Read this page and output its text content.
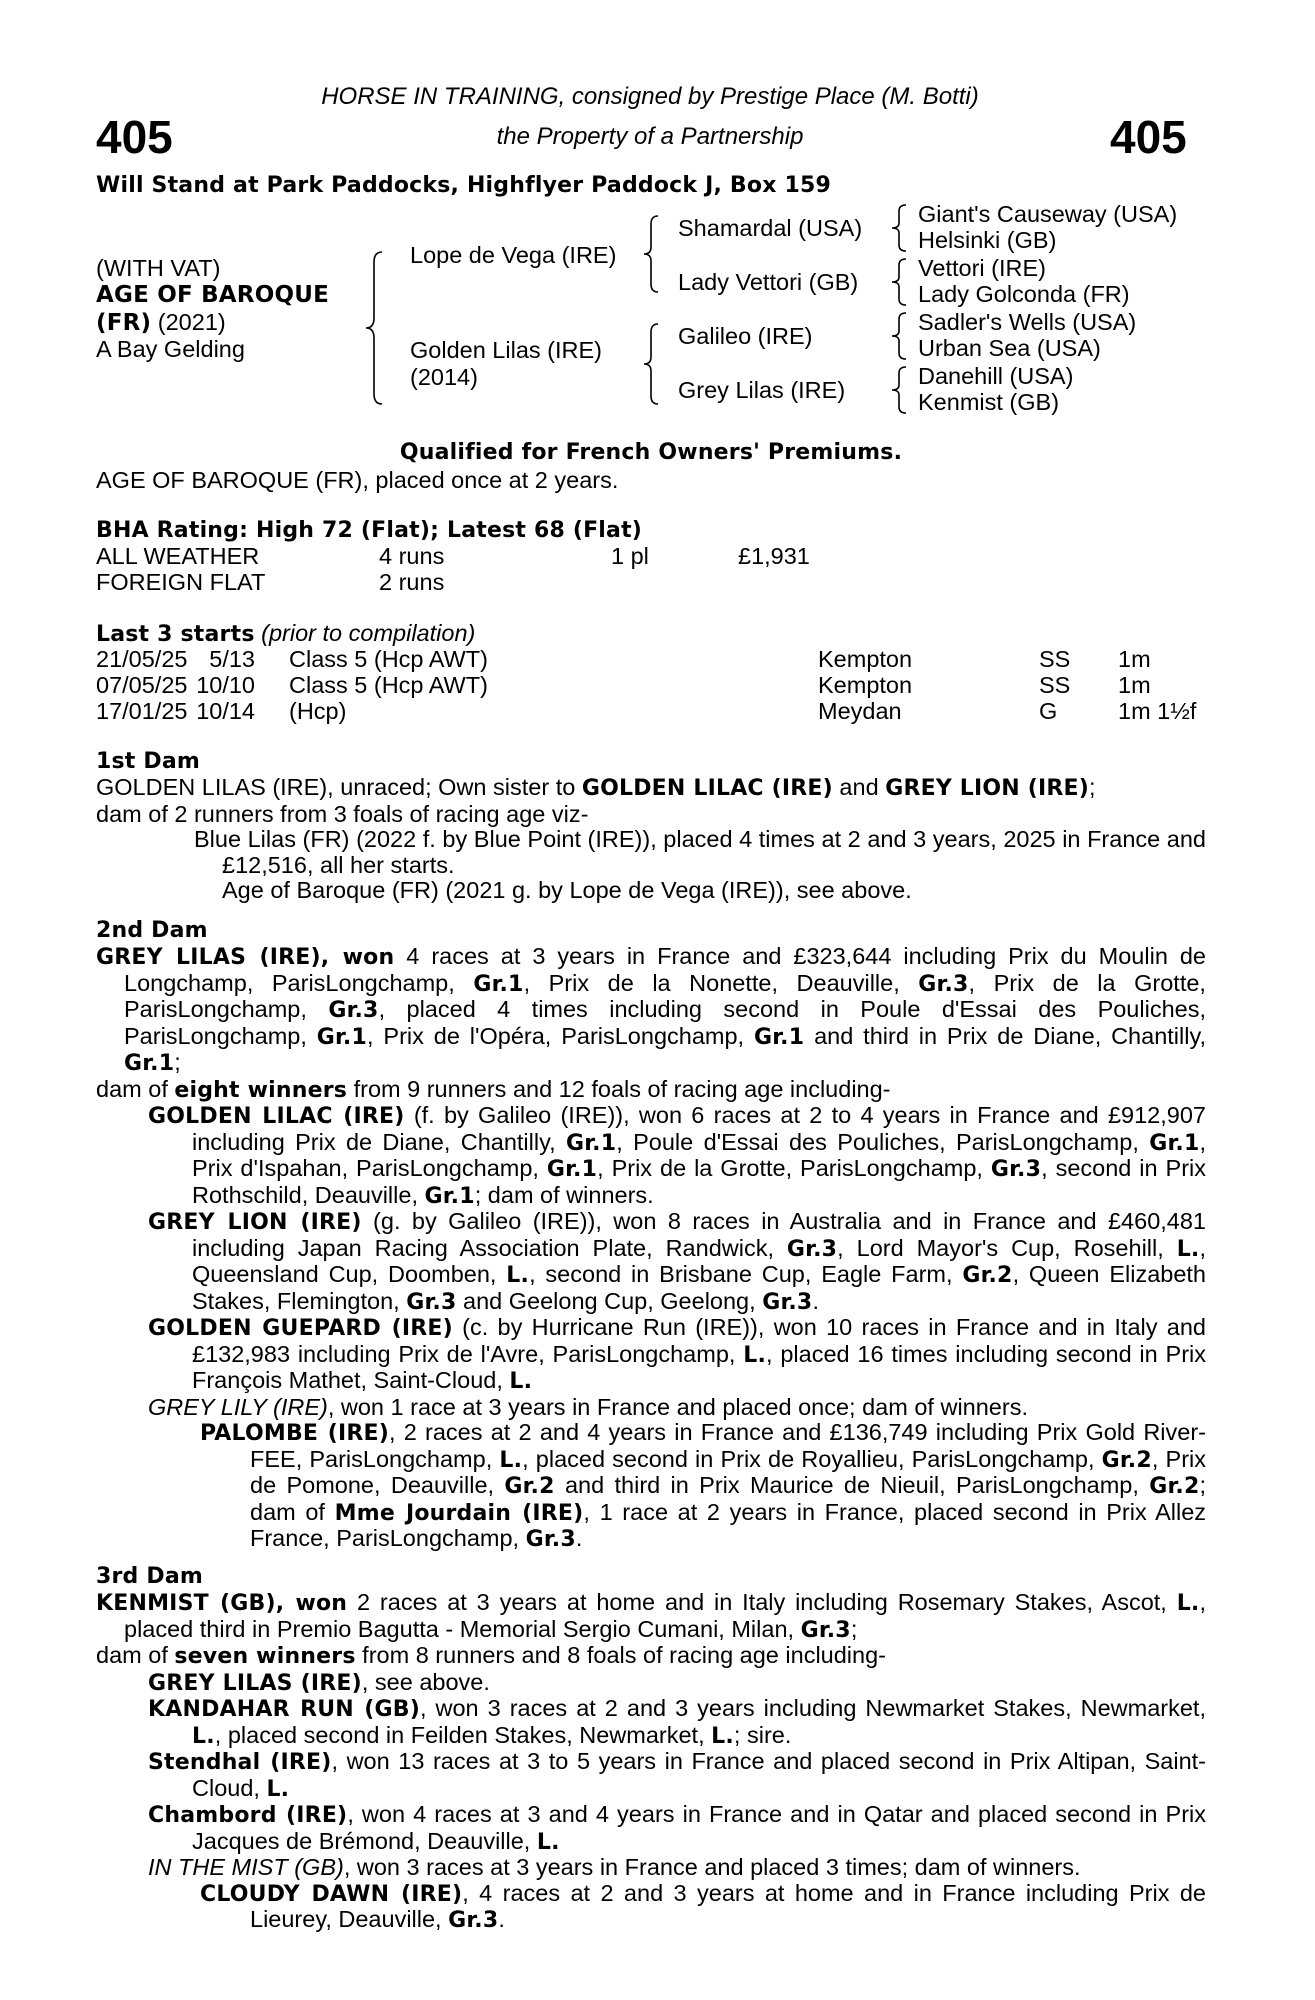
405	405
HORSE IN TRAINING, consigned by Prestige Place (M. Botti)
the Property of a Partnership
Will Stand at Park Paddocks, Highflyer Paddock J, Box 159
(WITH VAT)
AGE OF BAROQUE
(FR) (2021)
A Bay Gelding
Lope de Vega (IRE)
Golden Lilas (IRE)
(2014)
Shamardal (USA)
Lady Vettori (GB)
Galileo (IRE)
Grey Lilas (IRE)
Giant's Causeway (USA)
Helsinki (GB)
Vettori (IRE)
Lady Golconda (FR)
Sadler's Wells (USA)
Urban Sea (USA)
Danehill (USA)
Kenmist (GB)
Qualified for French Owners' Premiums.
AGE OF BAROQUE (FR), placed once at 2 years.
BHA Rating: High 72 (Flat); Latest 68 (Flat)
ALL WEATHER	4 runs	1 pl	£1,931
FOREIGN FLAT	2 runs
Last 3 starts (prior to compilation)
21/05/25 5/13 Class 5 (Hcp AWT)	Kempton	SS 1m
07/05/25 10/10 Class 5 (Hcp AWT)	Kempton	SS 1m
17/01/25 10/14 (Hcp)	Meydan	G	1m 1½f
1st Dam
GOLDEN LILAS (IRE), unraced; Own sister to GOLDEN LILAC (IRE) and GREY LION (IRE);
dam of 2 runners from 3 foals of racing age viz-
Blue Lilas (FR) (2022 f. by Blue Point (IRE)), placed 4 times at 2 and 3 years, 2025 in France and £12,516, all her starts.
Age of Baroque (FR) (2021 g. by Lope de Vega (IRE)), see above.
2nd Dam
GREY LILAS (IRE), won 4 races at 3 years in France and £323,644 including Prix du Moulin de Longchamp, ParisLongchamp, Gr.1, Prix de la Nonette, Deauville, Gr.3, Prix de la Grotte, ParisLongchamp, Gr.3, placed 4 times including second in Poule d'Essai des Pouliches, ParisLongchamp, Gr.1, Prix de l'Opéra, ParisLongchamp, Gr.1 and third in Prix de Diane, Chantilly, Gr.1;
dam of eight winners from 9 runners and 12 foals of racing age including-
GOLDEN LILAC (IRE) (f. by Galileo (IRE)), won 6 races at 2 to 4 years in France and £912,907 including Prix de Diane, Chantilly, Gr.1, Poule d'Essai des Pouliches, ParisLongchamp, Gr.1, Prix d'Ispahan, ParisLongchamp, Gr.1, Prix de la Grotte, ParisLongchamp, Gr.3, second in Prix Rothschild, Deauville, Gr.1; dam of winners.
GREY LION (IRE) (g. by Galileo (IRE)), won 8 races in Australia and in France and £460,481 including Japan Racing Association Plate, Randwick, Gr.3, Lord Mayor's Cup, Rosehill, L., Queensland Cup, Doomben, L., second in Brisbane Cup, Eagle Farm, Gr.2, Queen Elizabeth Stakes, Flemington, Gr.3 and Geelong Cup, Geelong, Gr.3.
GOLDEN GUEPARD (IRE) (c. by Hurricane Run (IRE)), won 10 races in France and in Italy and £132,983 including Prix de l'Avre, ParisLongchamp, L., placed 16 times including second in Prix François Mathet, Saint-Cloud, L.
GREY LILY (IRE), won 1 race at 3 years in France and placed once; dam of winners.
PALOMBE (IRE), 2 races at 2 and 4 years in France and £136,749 including Prix Gold River-FEE, ParisLongchamp, L., placed second in Prix de Royallieu, ParisLongchamp, Gr.2, Prix de Pomone, Deauville, Gr.2 and third in Prix Maurice de Nieuil, ParisLongchamp, Gr.2; dam of Mme Jourdain (IRE), 1 race at 2 years in France, placed second in Prix Allez France, ParisLongchamp, Gr.3.
3rd Dam
KENMIST (GB), won 2 races at 3 years at home and in Italy including Rosemary Stakes, Ascot, L., placed third in Premio Bagutta - Memorial Sergio Cumani, Milan, Gr.3;
dam of seven winners from 8 runners and 8 foals of racing age including-
GREY LILAS (IRE), see above.
KANDAHAR RUN (GB), won 3 races at 2 and 3 years including Newmarket Stakes, Newmarket, L., placed second in Feilden Stakes, Newmarket, L.; sire.
Stendhal (IRE), won 13 races at 3 to 5 years in France and placed second in Prix Altipan, Saint-Cloud, L.
Chambord (IRE), won 4 races at 3 and 4 years in France and in Qatar and placed second in Prix Jacques de Brémond, Deauville, L.
IN THE MIST (GB), won 3 races at 3 years in France and placed 3 times; dam of winners.
CLOUDY DAWN (IRE), 4 races at 2 and 3 years at home and in France including Prix de Lieurey, Deauville, Gr.3.
